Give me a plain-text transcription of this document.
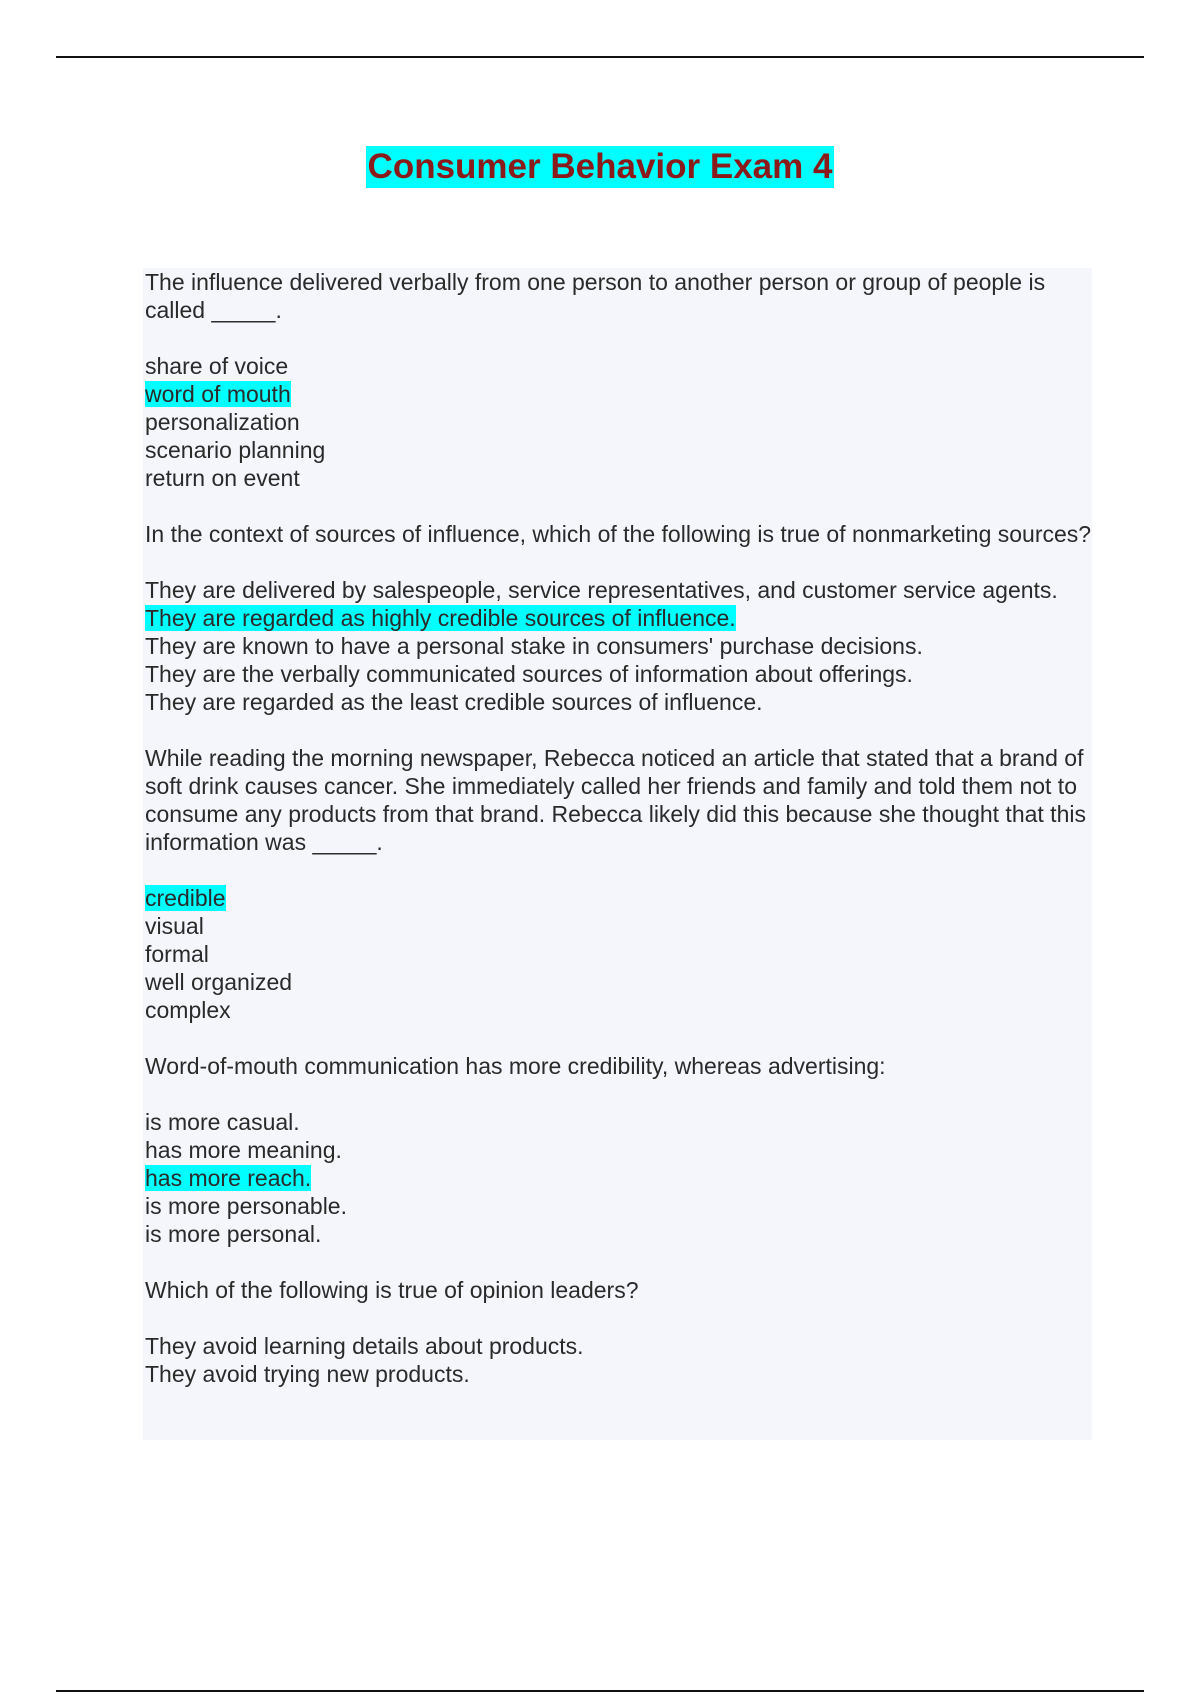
Consumer Behavior Exam 4

The influence delivered verbally from one person to another person or group of people is called _____.

share of voice
word of mouth
personalization
scenario planning
return on event

In the context of sources of influence, which of the following is true of nonmarketing sources?

They are delivered by salespeople, service representatives, and customer service agents.
They are regarded as highly credible sources of influence.
They are known to have a personal stake in consumers' purchase decisions.
They are the verbally communicated sources of information about offerings.
They are regarded as the least credible sources of influence.

While reading the morning newspaper, Rebecca noticed an article that stated that a brand of soft drink causes cancer. She immediately called her friends and family and told them not to consume any products from that brand. Rebecca likely did this because she thought that this information was _____.

credible
visual
formal
well organized
complex

Word-of-mouth communication has more credibility, whereas advertising:

is more casual.
has more meaning.
has more reach.
is more personable.
is more personal.

Which of the following is true of opinion leaders?

They avoid learning details about products.
They avoid trying new products.
